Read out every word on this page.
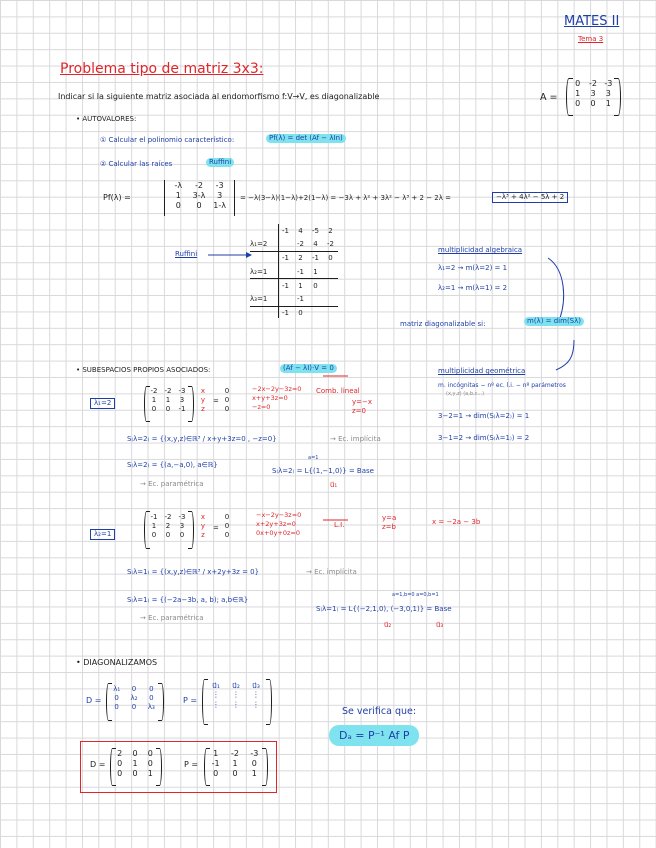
MATES II
Tema 3
Problema tipo de matriz 3x3:
Indicar si la siguiente matriz asociada al endomorfismo f:V→V, es diagonalizable	A =
0	-2 -3
1	3	3
0	0	1
• AUTOVALORES:
① Calcular el polinomio característico:	Pf(λ) = det (Af − λIn)
② Calcular las raíces	Ruffini
Pf(λ) =
-λ	-2	-3
1	3-λ	3
0	0	1-λ
= −λ(3−λ)(1−λ)+2(1−λ) = −3λ + λ² + 3λ² − λ³ + 2 − 2λ =	−λ³ + 4λ² − 5λ + 2
Ruffini
-1	4	-5	2
λ₁=2	-2	4	-2
-1	2	-1	0
λ₂=1	-1	1
-1	1	0
λ₃=1	-1
-1	0
multiplicidad algebraica
λ₁=2 → m(λ=2) = 1
λ₂=1 → m(λ=1) = 2
matriz diagonalizable si:	m(λ) = dim(Sλ)
• SUBESPACIOS PROPIOS ASOCIADOS:	(Af − λI)·V = 0
λ₁=2
-2	-2	-3
1	1	3
0	0	-1
x
y
z
=
0
0
0
−2x−2y−3z=0
x+y+3z=0
−z=0
Comb. lineal
y=−x
z=0
S₍λ=2₎ = {(x,y,z)∈ℝ³ / x+y+3z=0 , −z=0}	→ Ec. implícita
S₍λ=2₎ = {(a,−a,0), a∈ℝ}
→ Ec. paramétrica
a=1
S₍λ=2₎ = L{(1,−1,0)} = Base
u⃗₁
multiplicidad geométrica
m. incógnitas − nº ec. l.i. − nº parámetros
(x,y,z) (a,b,c...)
3−2=1 → dim(S₍λ=2₎) = 1
3−1=2 → dim(S₍λ=1₎) = 2
λ₂=1
-1	-2	-3
1	2	3
0	0	0
x
y
z
=
0
0
0
−x−2y−3z=0
x+2y+3z=0
0x+0y+0z=0
L.I.
y=a
z=b
x = −2a − 3b
S₍λ=1₎ = {(x,y,z)∈ℝ³ / x+2y+3z = 0}	→ Ec. implícita
S₍λ=1₎ = {(−2a−3b, a, b); a,b∈ℝ}
→ Ec. paramétrica
a=1,b=0 a=0,b=1
S₍λ=1₎ = L{(−2,1,0), (−3,0,1)} = Base
u⃗₂	u⃗₃
• DIAGONALIZAMOS
D =
λ₁	0	0
0	λ₂	0
0	0	λ₃
P =
u⃗₁	u⃗₂	u⃗₃
⋮	⋮	⋮
⋮	⋮	⋮
D =
2	0	0
0	1	0
0	0	1
P =
1	-2	-3
-1	1	0
0	0	1
Se verifica que:
Dₐ = P⁻¹ Af P
